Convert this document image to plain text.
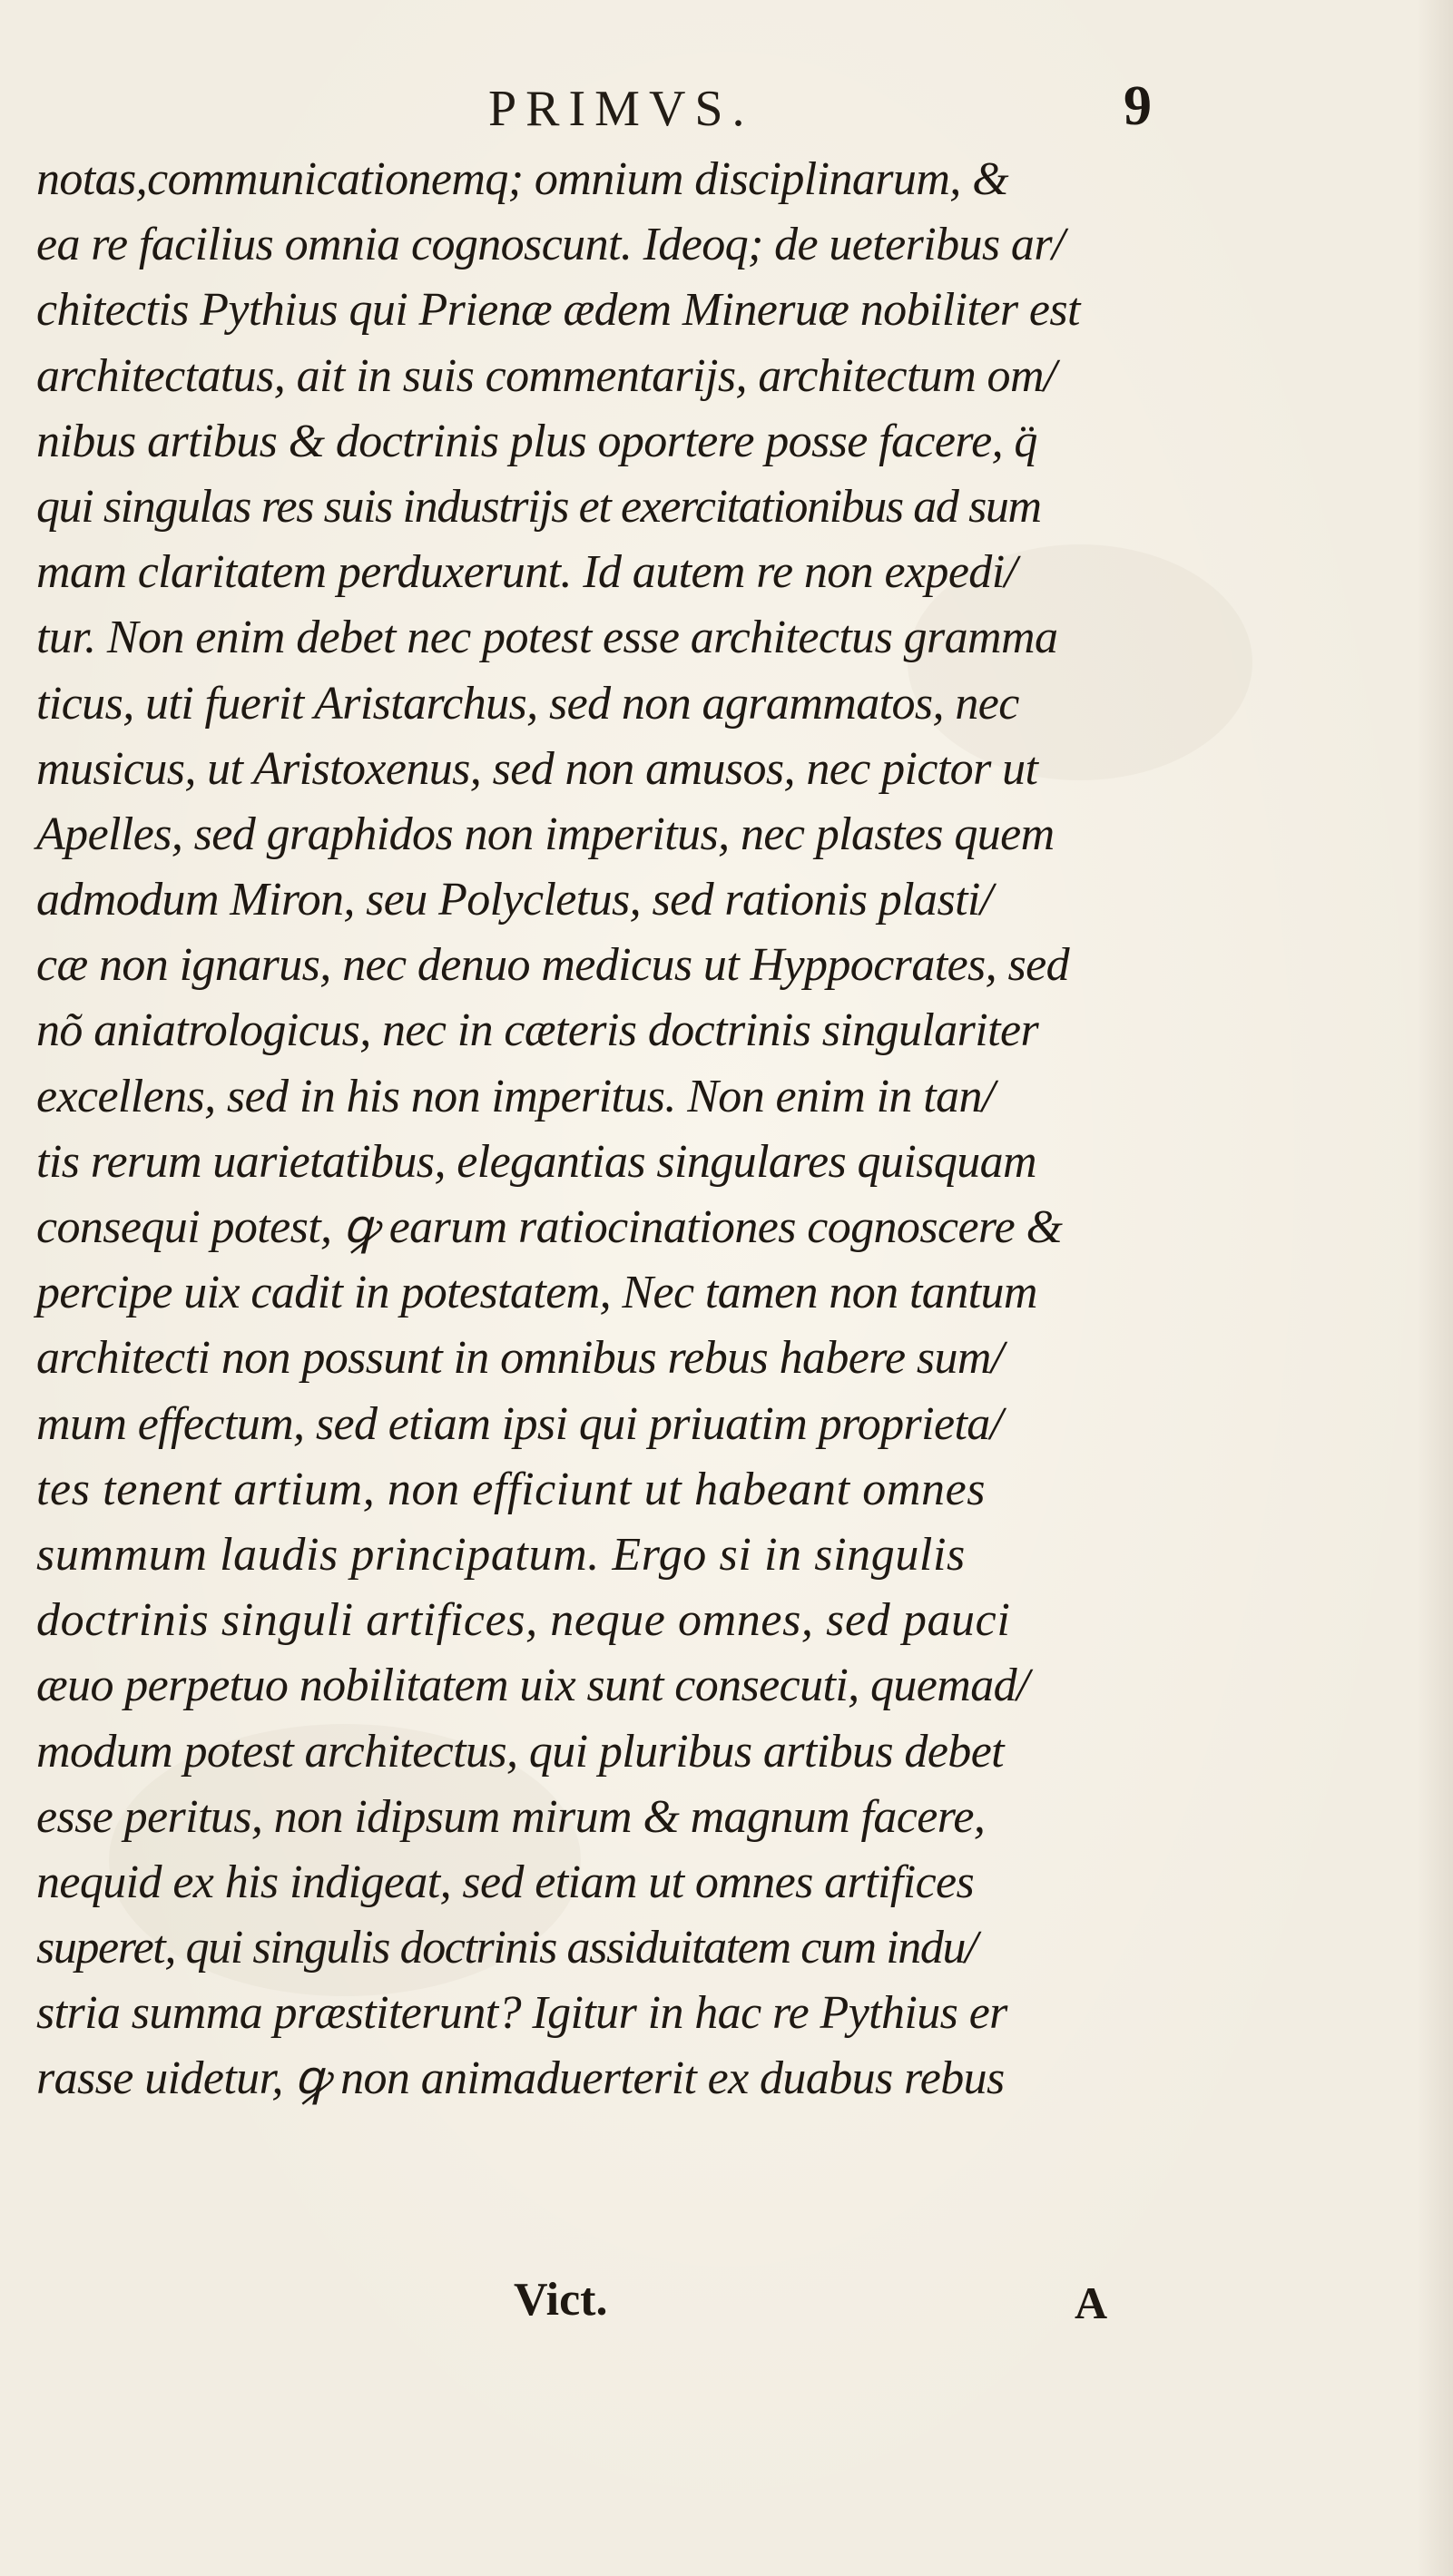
PRIMVS.	9
notas,communicationemq; omnium disciplinarum, &
ea re facilius omnia cognoscunt. Ideoq; de ueteribus ar/
chitectis Pythius qui Prienæ ædem Mineruæ nobiliter est
architectatus, ait in suis commentarijs, architectum om/
nibus artibus & doctrinis plus oportere posse facere, q̈
qui singulas res suis industrijs et exercitationibus ad sum
mam claritatem perduxerunt. Id autem re non expedi/
tur. Non enim debet nec potest esse architectus gramma
ticus, uti fuerit Aristarchus, sed non agrammatos, nec
musicus, ut Aristoxenus, sed non amusos, nec pictor ut
Apelles, sed graphidos non imperitus, nec plastes quem
admodum Miron, seu Polycletus, sed rationis plasti/
cæ non ignarus, nec denuo medicus ut Hyppocrates, sed
nõ aniatrologicus, nec in cæteris doctrinis singulariter
excellens, sed in his non imperitus. Non enim in tan/
tis rerum uarietatibus, elegantias singulares quisquam
consequi potest, ꝙ earum ratiocinationes cognoscere &
percipe uix cadit in potestatem, Nec tamen non tantum
architecti non possunt in omnibus rebus habere sum/
mum effectum, sed etiam ipsi qui priuatim proprieta/
tes tenent artium, non efficiunt ut habeant omnes
summum laudis principatum. Ergo si in singulis
doctrinis singuli artifices, neque omnes, sed pauci
æuo perpetuo nobilitatem uix sunt consecuti, quemad/
modum potest architectus, qui pluribus artibus debet
esse peritus, non idipsum mirum & magnum facere,
nequid ex his indigeat, sed etiam ut omnes artifices
superet, qui singulis doctrinis assiduitatem cum indu/
stria summa præstiterunt? Igitur in hac re Pythius er
rasse uidetur, ꝙ non animaduerterit ex duabus rebus
Vict.	A
